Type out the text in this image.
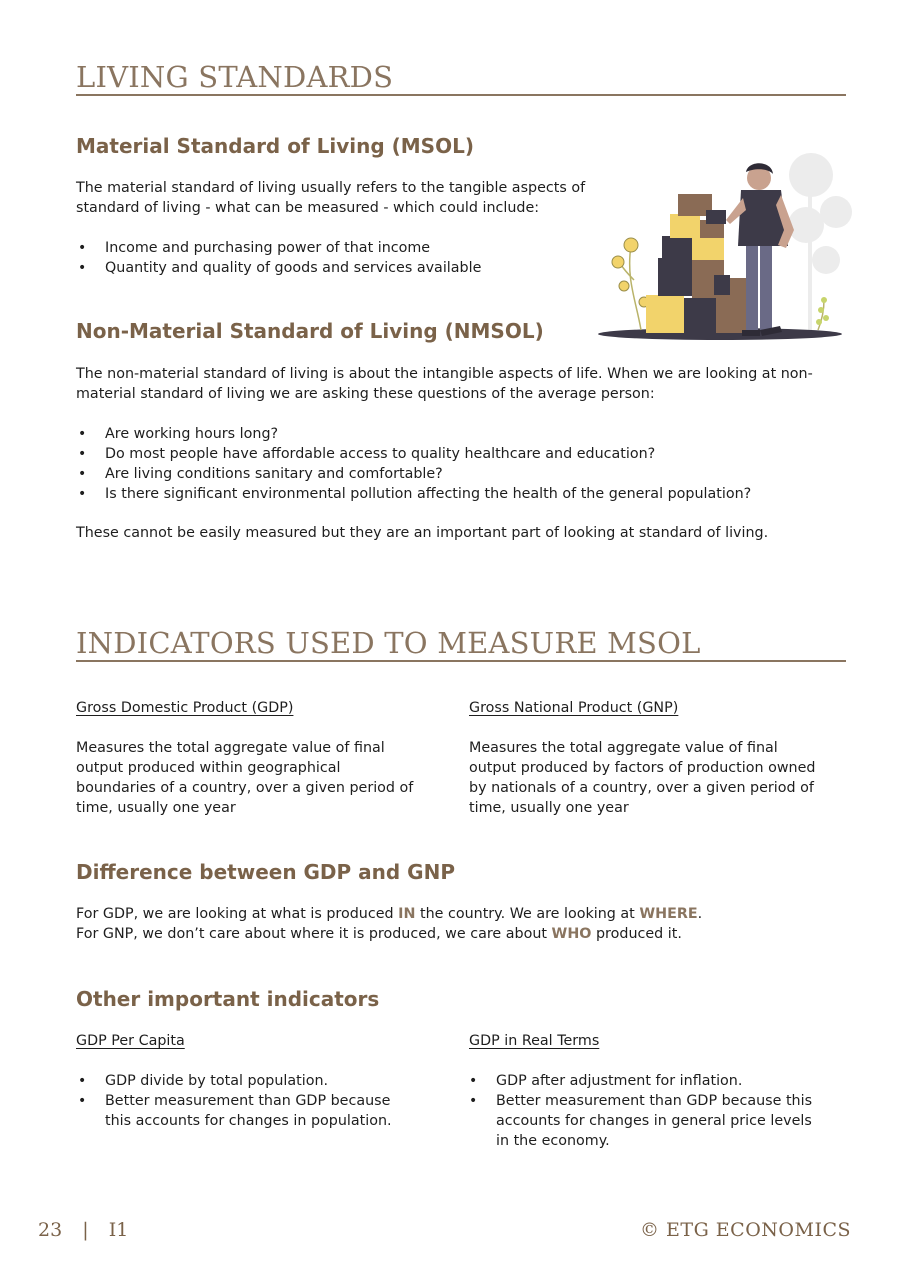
LIVING STANDARDS
Material Standard of Living (MSOL)

The material standard of living usually refers to the tangible aspects of standard of living - what can be measured - which could include:

• Income and purchasing power of that income
• Quantity and quality of goods and services available
Non-Material Standard of Living (NMSOL)

The non-material standard of living is about the intangible aspects of life. When we are looking at non-material standard of living we are asking these questions of the average person:

• Are working hours long?
• Do most people have affordable access to quality healthcare and education?
• Are living conditions sanitary and comfortable?
• Is there significant environmental pollution affecting the health of the general population?

These cannot be easily measured but they are an important part of looking at standard of living.

INDICATORS USED TO MEASURE MSOL
Gross Domestic Product (GDP)

Measures the total aggregate value of final output produced within geographical boundaries of a country, over a given period of time, usually one year

Gross National Product (GNP)

Measures the total aggregate value of final output produced by factors of production owned by nationals of a country, over a given period of time, usually one year

Difference between GDP and GNP

For GDP, we are looking at what is produced IN the country. We are looking at WHERE.

For GNP, we don’t care about where it is produced, we care about WHO produced it.

Other important indicators
GDP Per Capita
• GDP divide by total population.
• Better measurement than GDP because this accounts for changes in population.
GDP in Real Terms
• GDP after adjustment for inflation.
• Better measurement than GDP because this accounts for changes in general price levels in the economy.
23 | I1	© ETG ECONOMICS
